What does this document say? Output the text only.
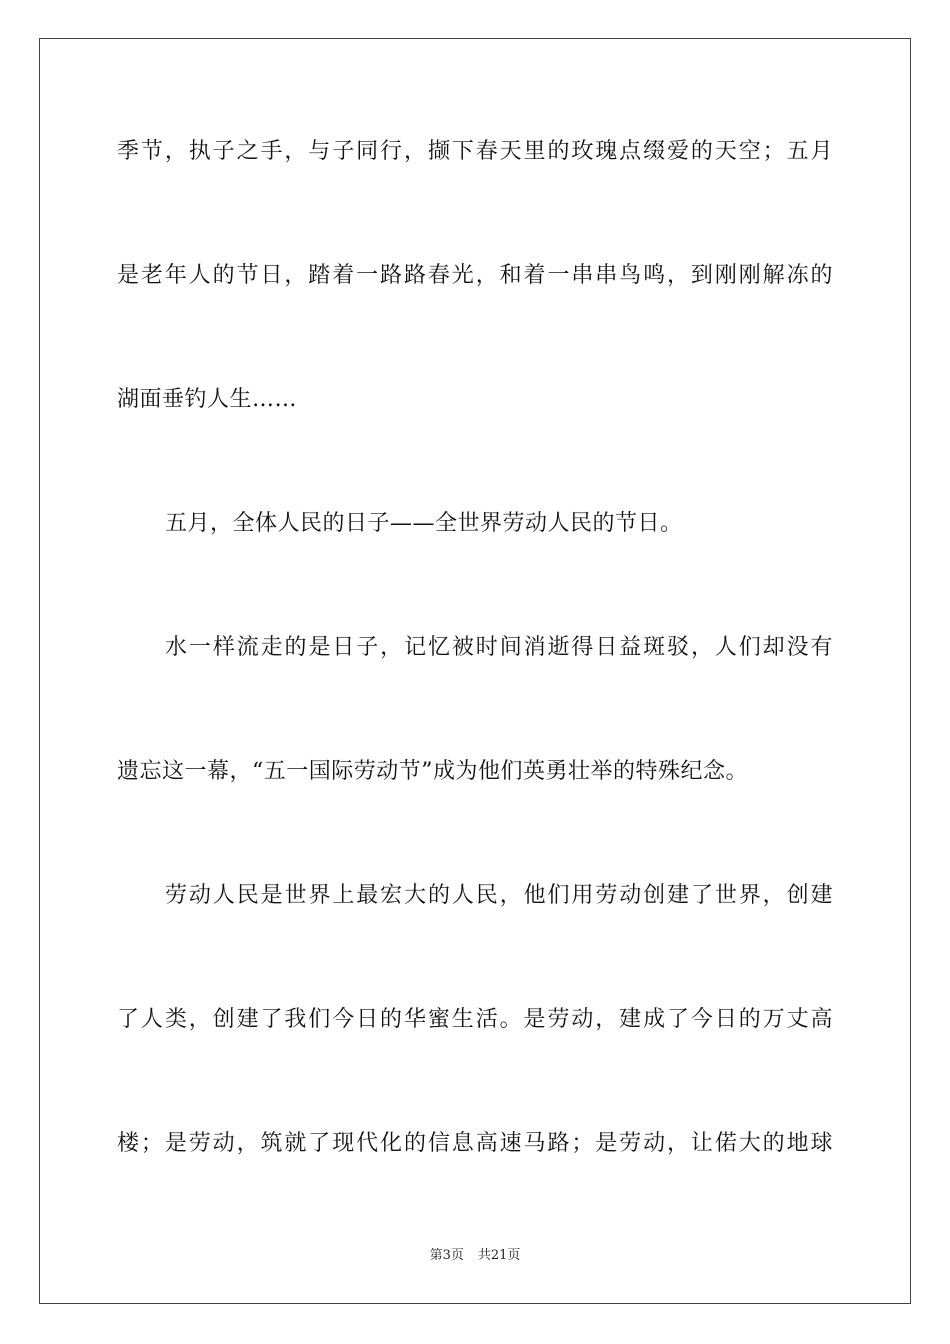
季节，执子之手，与子同行，撷下春天里的玫瑰点缀爱的天空；五月
是老年人的节日，踏着一路路春光，和着一串串鸟鸣，到刚刚解冻的
湖面垂钓人生……
五月，全体人民的日子——全世界劳动人民的节日。
水一样流走的是日子，记忆被时间消逝得日益斑驳，人们却没有
遗忘这一幕，“五一国际劳动节”成为他们英勇壮举的特殊纪念。
劳动人民是世界上最宏大的人民，他们用劳动创建了世界，创建
了人类，创建了我们今日的华蜜生活。是劳动，建成了今日的万丈高
楼；是劳动，筑就了现代化的信息高速马路；是劳动，让偌大的地球
第3页 共21页
